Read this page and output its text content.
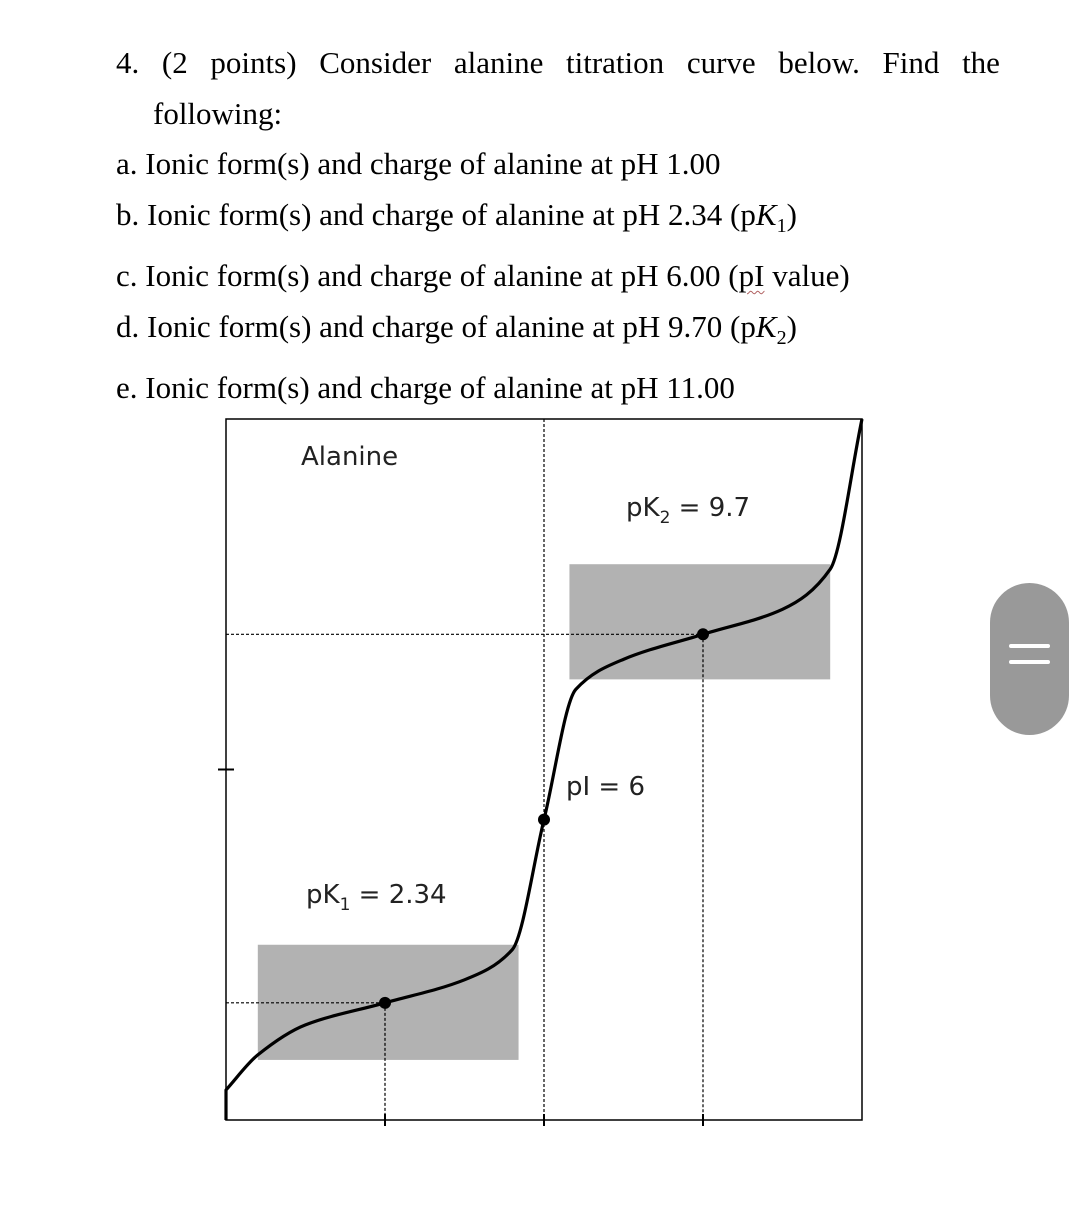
4. (2 points) Consider alanine titration curve below. Find the
following:
a. Ionic form(s) and charge of alanine at pH 1.00
b. Ionic form(s) and charge of alanine at pH 2.34 $(pK_1)$
c. Ionic form(s) and charge of alanine at pH 6.00 (pI value)
d. Ionic form(s) and charge of alanine at pH 9.70 $(pK_2)$
e. Ionic form(s) and charge of alanine at pH 11.00
Alanine
$pK_1 = 2.34$
pI = 6
$pK_2 = 9.7$
